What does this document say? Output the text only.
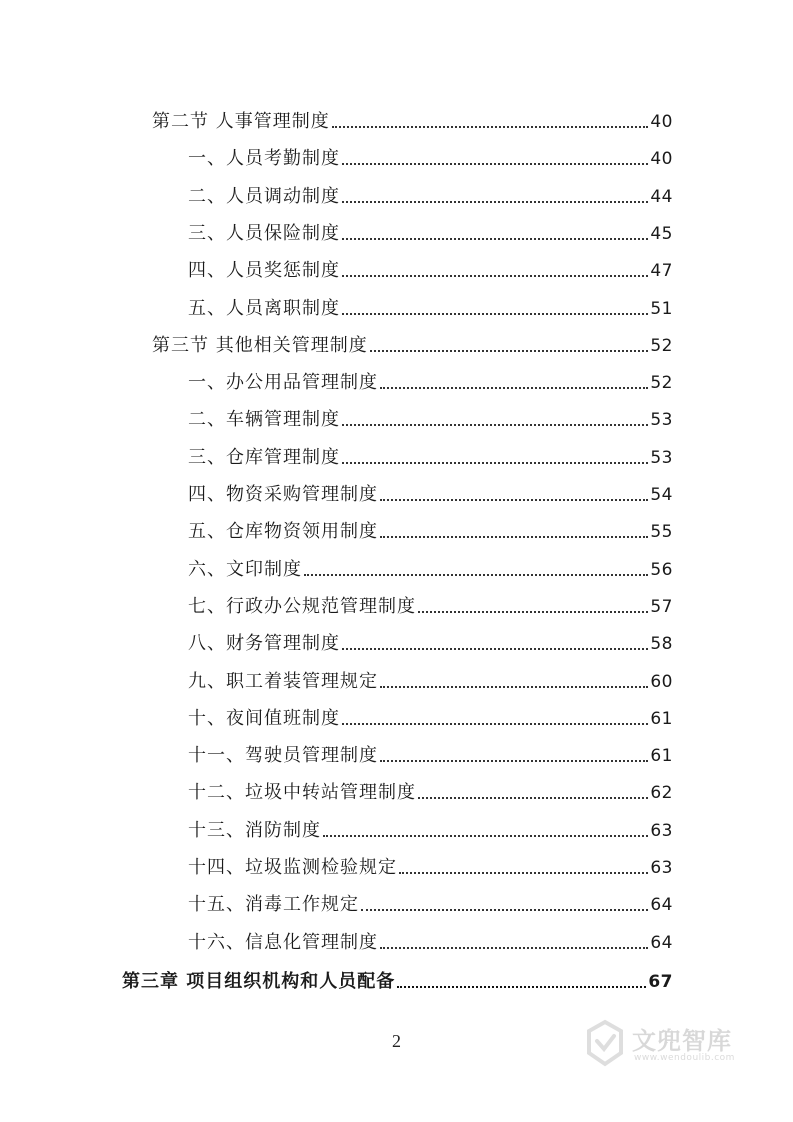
第二节 人事管理制度	40
一、人员考勤制度	40
二、人员调动制度	44
三、人员保险制度	45
四、人员奖惩制度	47
五、人员离职制度	51
第三节 其他相关管理制度	52
一、办公用品管理制度	52
二、车辆管理制度	53
三、仓库管理制度	53
四、物资采购管理制度	54
五、仓库物资领用制度	55
六、文印制度	56
七、行政办公规范管理制度	57
八、财务管理制度	58
九、职工着装管理规定	60
十、夜间值班制度	61
十一、驾驶员管理制度	61
十二、垃圾中转站管理制度	62
十三、消防制度	63
十四、垃圾监测检验规定	63
十五、消毒工作规定	64
十六、信息化管理制度	64
第三章 项目组织机构和人员配备	67
2	文兜智库
www.wendoulib.com
